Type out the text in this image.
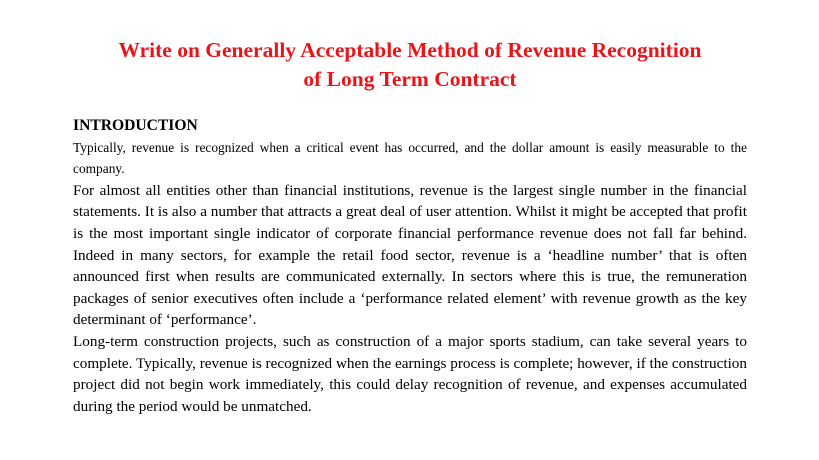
Write on Generally Acceptable Method of Revenue Recognition
of Long Term Contract
INTRODUCTION

Typically, revenue is recognized when a critical event has occurred, and the dollar amount is easily measurable to the company.

For almost all entities other than financial institutions, revenue is the largest single number in the financial statements. It is also a number that attracts a great deal of user attention. Whilst it might be accepted that profit is the most important single indicator of corporate financial performance revenue does not fall far behind. Indeed in many sectors, for example the retail food sector, revenue is a ‘headline number’ that is often announced first when results are communicated externally. In sectors where this is true, the remuneration packages of senior executives often include a ‘performance related element’ with revenue growth as the key determinant of ‘performance’.

Long-term construction projects, such as construction of a major sports stadium, can take several years to complete. Typically, revenue is recognized when the earnings process is complete; however, if the construction project did not begin work immediately, this could delay recognition of revenue, and expenses accumulated during the period would be unmatched.
